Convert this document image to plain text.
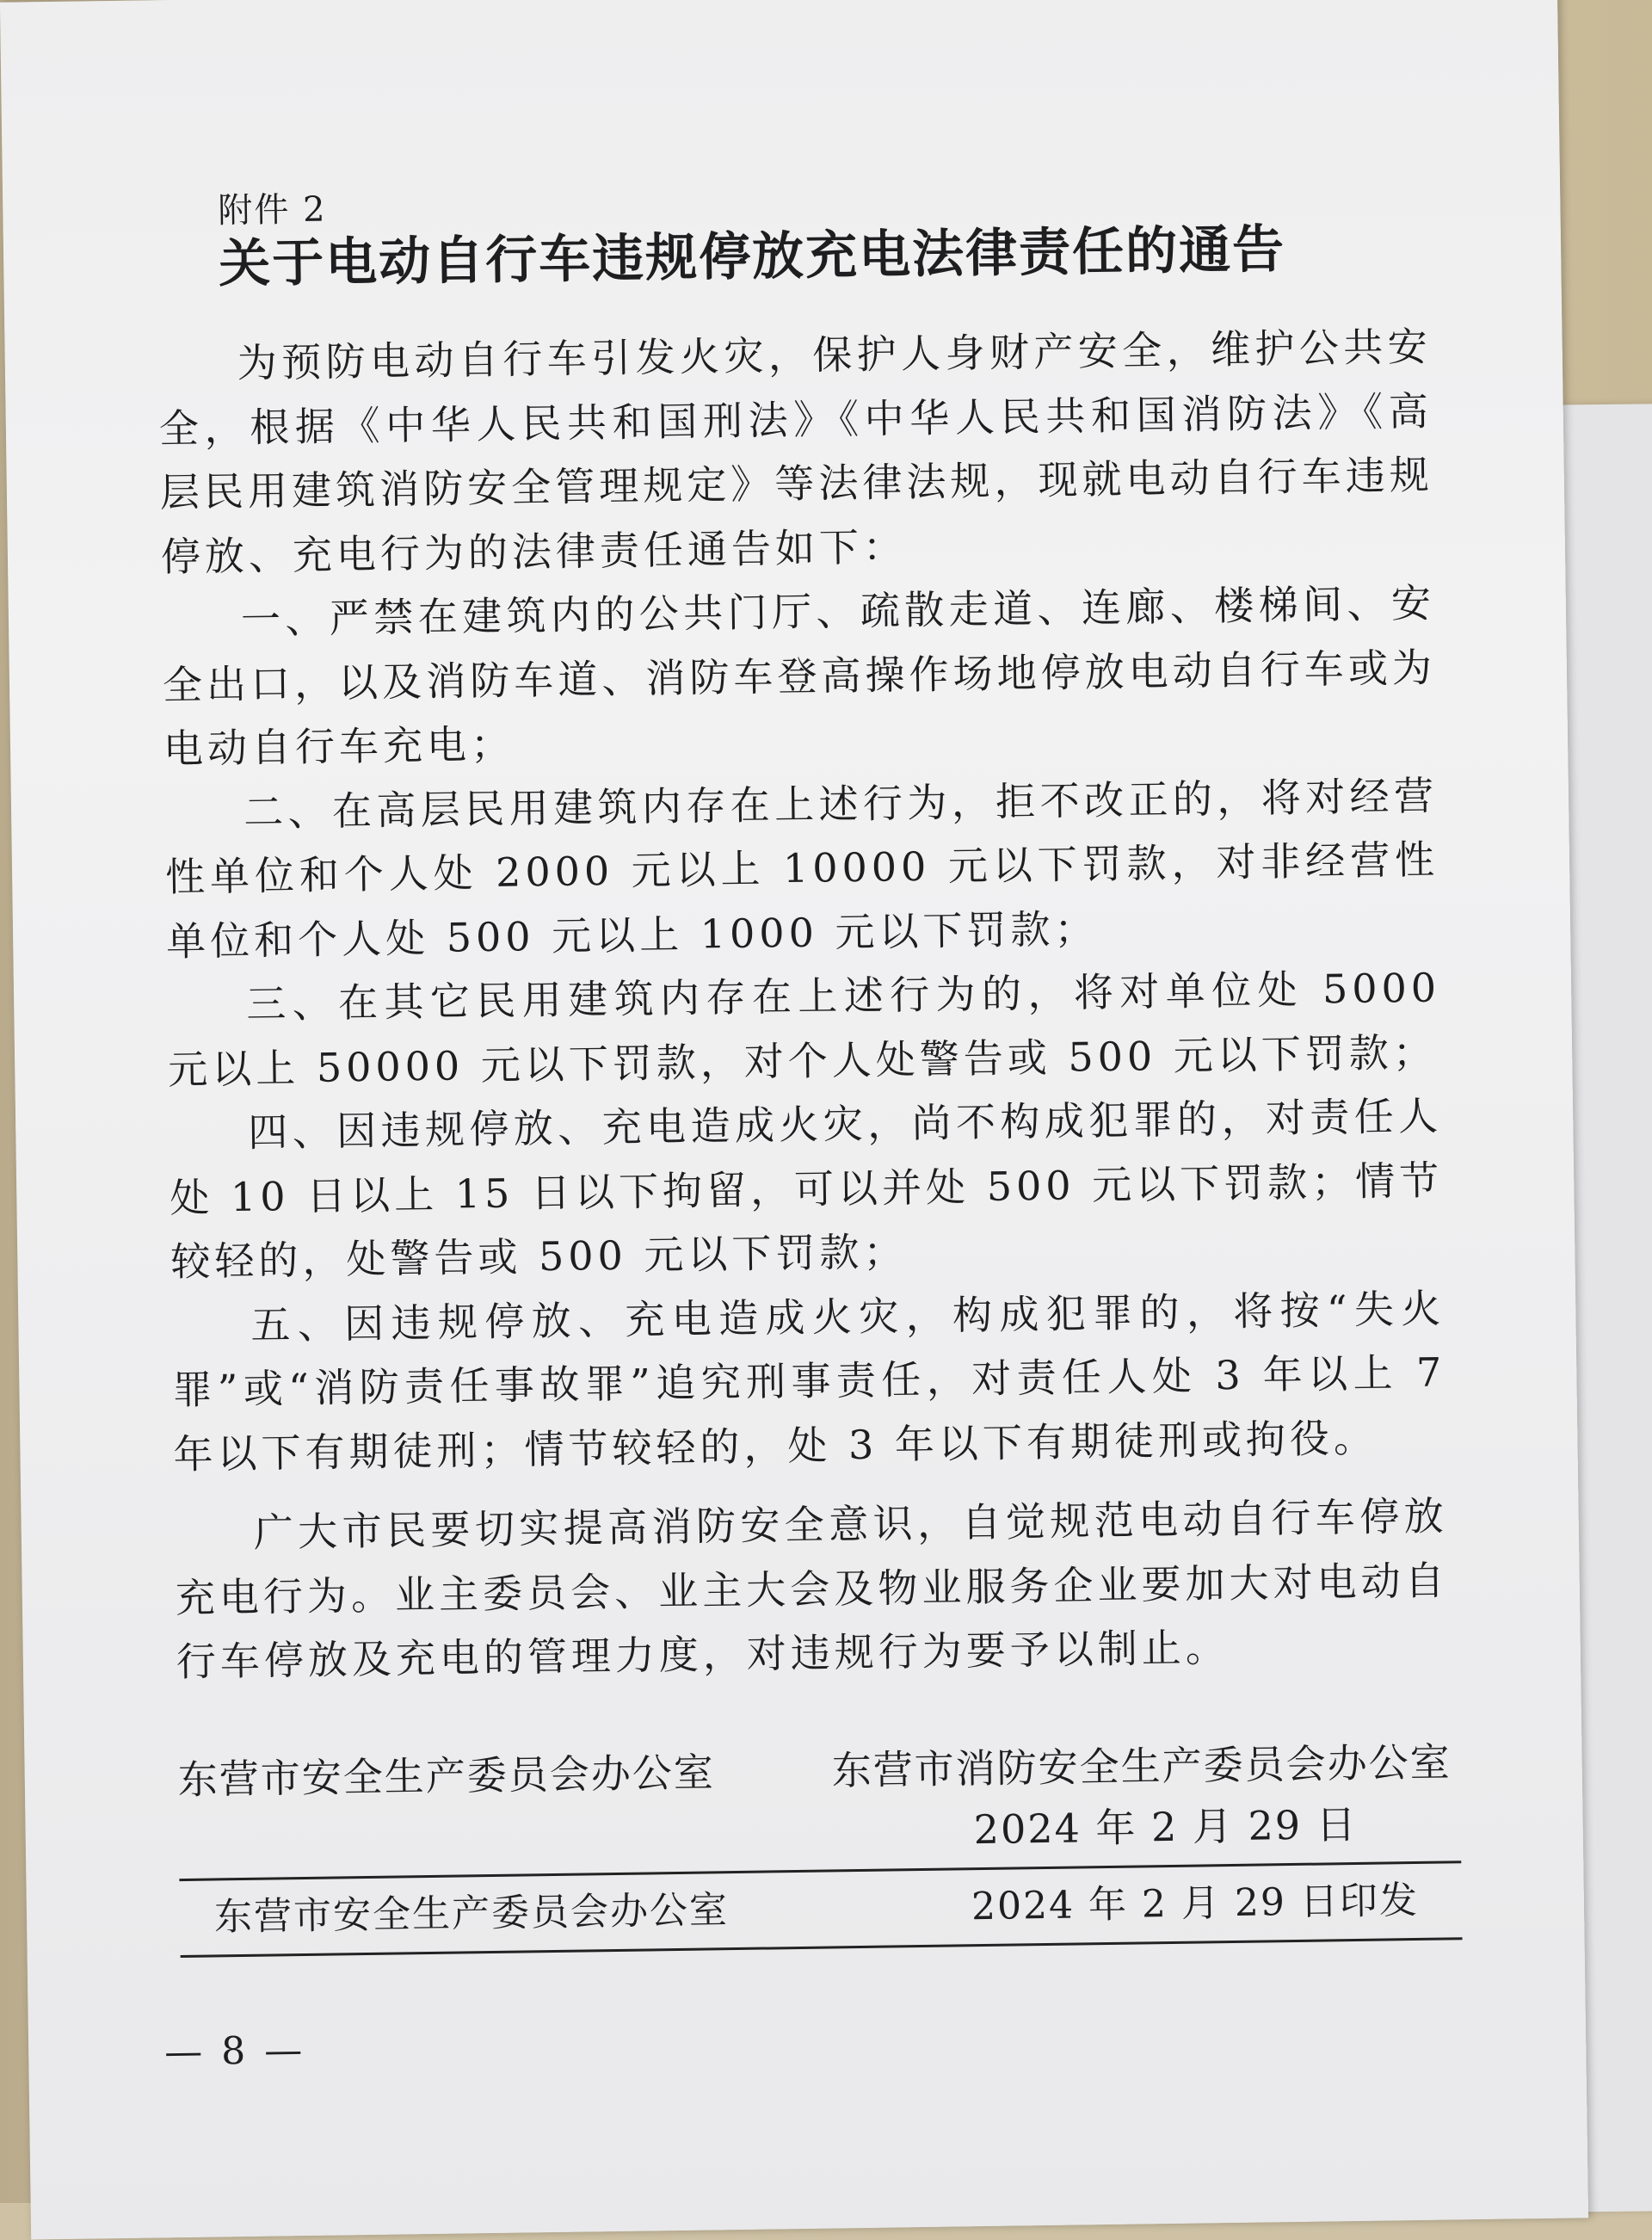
附件 2
关于电动自行车违规停放充电法律责任的通告

为预防电动自行车引发火灾，保护人身财产安全，维护公共安全，根据《中华人民共和国刑法》《中华人民共和国消防法》《高层民用建筑消防安全管理规定》等法律法规，现就电动自行车违规停放、充电行为的法律责任通告如下：

一、严禁在建筑内的公共门厅、疏散走道、连廊、楼梯间、安全出口，以及消防车道、消防车登高操作场地停放电动自行车或为电动自行车充电；

二、在高层民用建筑内存在上述行为，拒不改正的，将对经营性单位和个人处 2000 元以上 10000 元以下罚款，对非经营性单位和个人处 500 元以上 1000 元以下罚款；

三、在其它民用建筑内存在上述行为的，将对单位处 5000 元以上 50000 元以下罚款，对个人处警告或 500 元以下罚款；

四、因违规停放、充电造成火灾，尚不构成犯罪的，对责任人处 10 日以上 15 日以下拘留，可以并处 500 元以下罚款；情节较轻的，处警告或 500 元以下罚款；

五、因违规停放、充电造成火灾，构成犯罪的，将按“失火罪”或“消防责任事故罪”追究刑事责任，对责任人处 3 年以上 7 年以下有期徒刑；情节较轻的，处 3 年以下有期徒刑或拘役。

广大市民要切实提高消防安全意识，自觉规范电动自行车停放充电行为。业主委员会、业主大会及物业服务企业要加大对电动自行车停放及充电的管理力度，对违规行为要予以制止。

东营市安全生产委员会办公室	东营市消防安全生产委员会办公室
2024 年 2 月 29 日
东营市安全生产委员会办公室	2024 年 2 月 29 日印发
— 8 —
